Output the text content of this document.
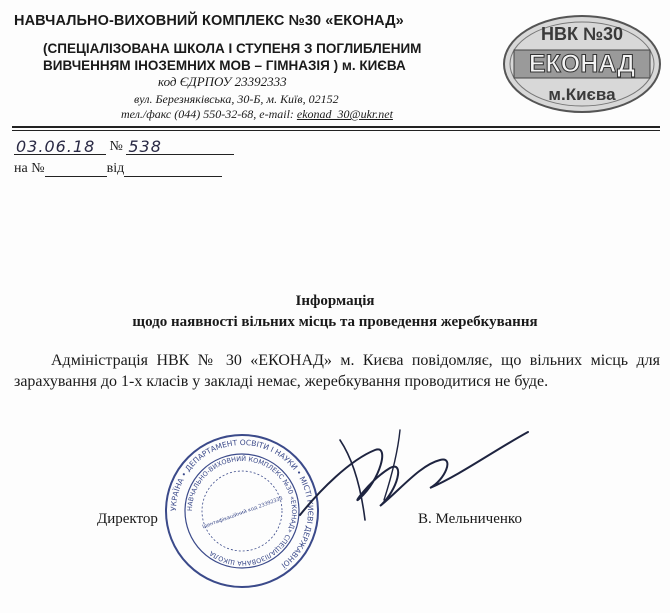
НАВЧАЛЬНО-ВИХОВНИЙ КОМПЛЕКС №30 «ЕКОНАД»
(СПЕЦІАЛІЗОВАНА ШКОЛА І СТУПЕНЯ З ПОГЛИБЛЕНИМ
ВИВЧЕННЯМ ІНОЗЕМНИХ МОВ – ГІМНАЗІЯ ) м. КИЄВА
код ЄДРПОУ 23392333
вул. Березняківська, 30-Б, м. Київ, 02152
тел./факс (044) 550-32-68, e-mail: ekonad_30@ukr.net
НВК №30
ЕКОНАД
м.Києва
03.06.18 № 538
на №	від
Інформація
щодо наявності вільних місць та проведення жеребкування
Адміністрація НВК № 30 «ЕКОНАД» м. Києва повідомляє, що вільних місць для зарахування до 1-х класів у закладі немає, жеребкування проводитися не буде.
УКРАЇНА • ДЕПАРТАМЕНТ ОСВІТИ І НАУКИ • МІСТІ КИЄВІ ДЕРЖАВНОЇ
НАВЧАЛЬНО-ВИХОВНИЙ КОМПЛЕКС №30 «ЕКОНАД» СПЕЦІАЛІЗОВАНА ШКОЛА
Ідентифікаційний код 23392333
Директор	В. Мельниченко
